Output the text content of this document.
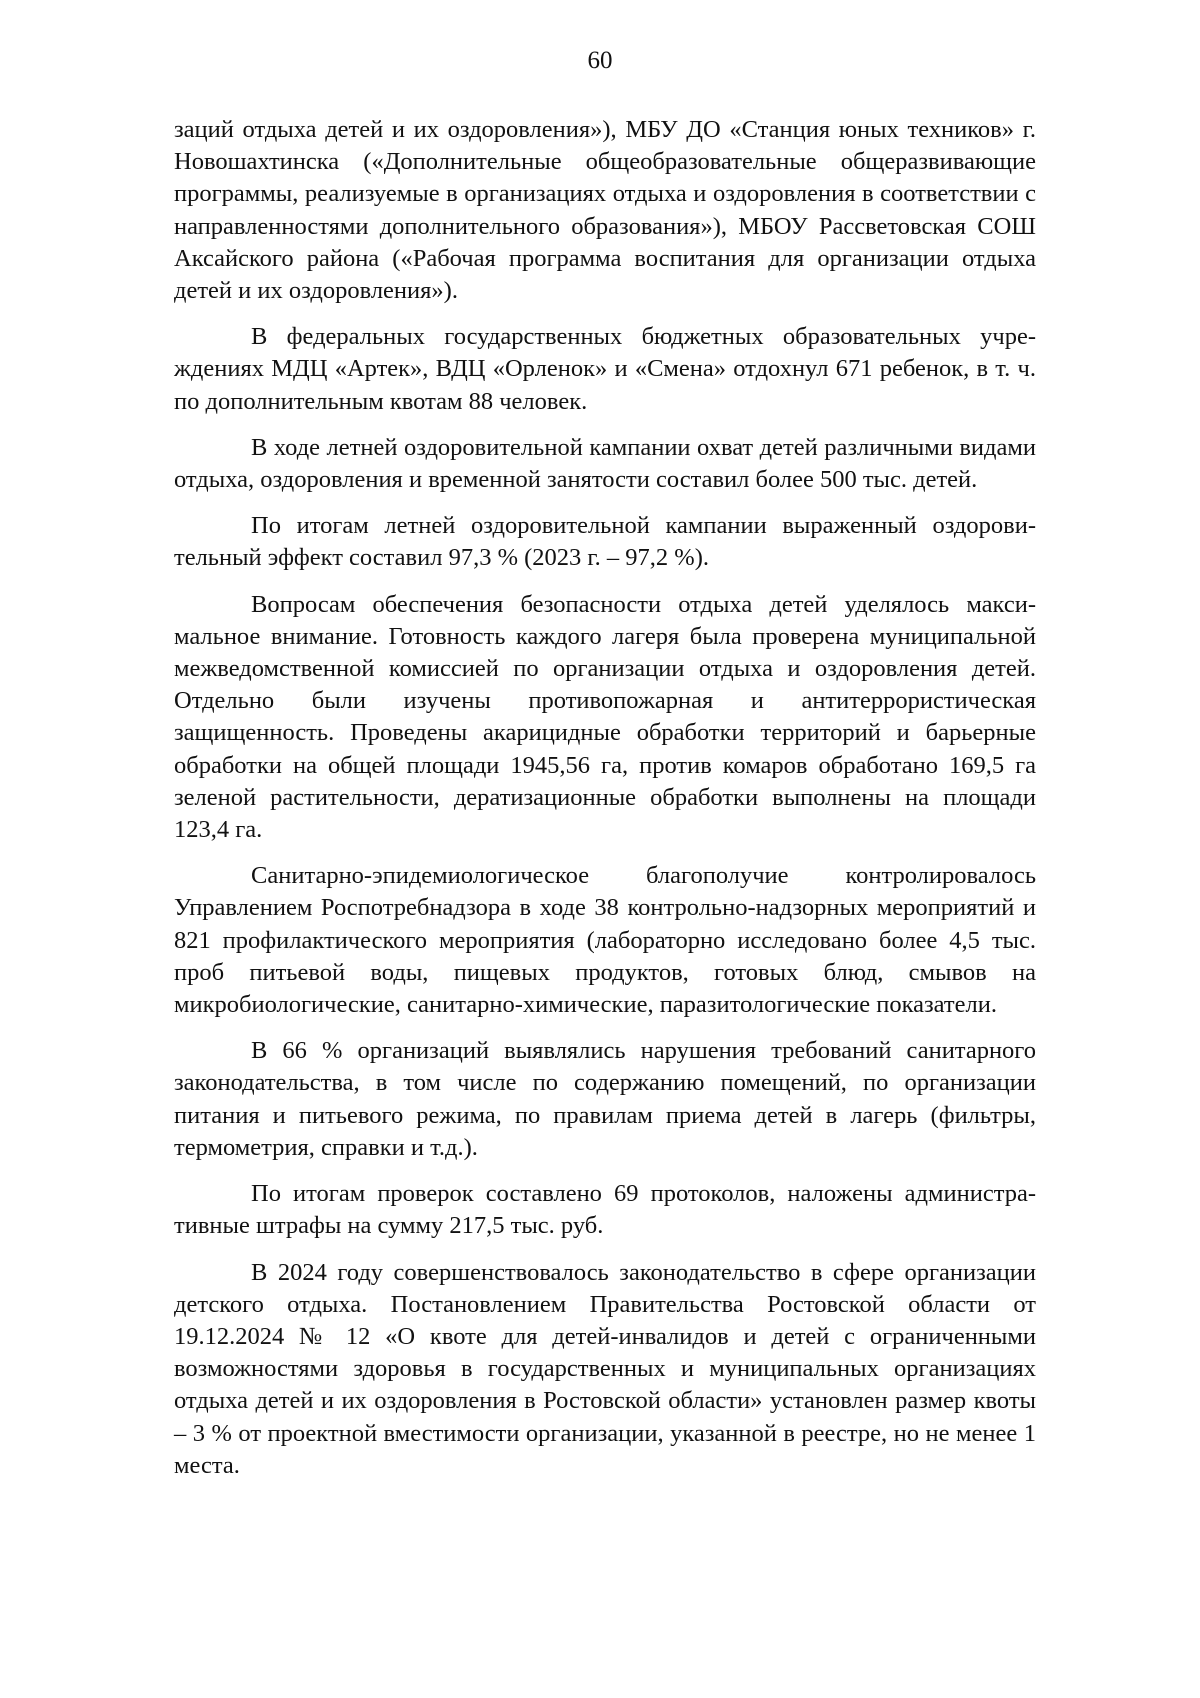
60

заций отдыха детей и их оздоровления»), МБУ ДО «Станция юных техников» г. Новошахтинска («Дополнительные общеобразовательные общеразвивающие программы, реализуемые в организациях отдыха и оздоровления в соответствии с направленностями дополнительного образования»), МБОУ Рассветовская СОШ Аксайского района («Рабочая программа воспитания для организации отдыха детей и их оздоровления»).

В федеральных государственных бюджетных образовательных учреждениях МДЦ «Артек», ВДЦ «Орленок» и «Смена» отдохнул 671 ребенок, в т. ч. по дополнительным квотам 88 человек.

В ходе летней оздоровительной кампании охват детей различными видами отдыха, оздоровления и временной занятости составил более 500 тыс. детей.

По итогам летней оздоровительной кампании выраженный оздоровительный эффект составил 97,3 % (2023 г. – 97,2 %).

Вопросам обеспечения безопасности отдыха детей уделялось максимальное внимание. Готовность каждого лагеря была проверена муниципальной межведомственной комиссией по организации отдыха и оздоровления детей. Отдельно были изучены противопожарная и антитеррористическая защищенность. Проведены акарицидные обработки территорий и барьерные обработки на общей площади 1945,56 га, против комаров обработано 169,5 га зеленой растительности, дератизационные обработки выполнены на площади 123,4 га.

Санитарно-эпидемиологическое благополучие контролировалось Управлением Роспотребнадзора в ходе 38 контрольно-надзорных мероприятий и 821 профилактического мероприятия (лабораторно исследовано более 4,5 тыс. проб питьевой воды, пищевых продуктов, готовых блюд, смывов на микробиологические, санитарно-химические, паразитологические показатели.

В 66 % организаций выявлялись нарушения требований санитарного законодательства, в том числе по содержанию помещений, по организации питания и питьевого режима, по правилам приема детей в лагерь (фильтры, термометрия, справки и т.д.).

По итогам проверок составлено 69 протоколов, наложены административные штрафы на сумму 217,5 тыс. руб.

В 2024 году совершенствовалось законодательство в сфере организации детского отдыха. Постановлением Правительства Ростовской области от 19.12.2024 № 12 «О квоте для детей-инвалидов и детей с ограниченными возможностями здоровья в государственных и муниципальных организациях отдыха детей и их оздоровления в Ростовской области» установлен размер квоты – 3 % от проектной вместимости организации, указанной в реестре, но не менее 1 места.
